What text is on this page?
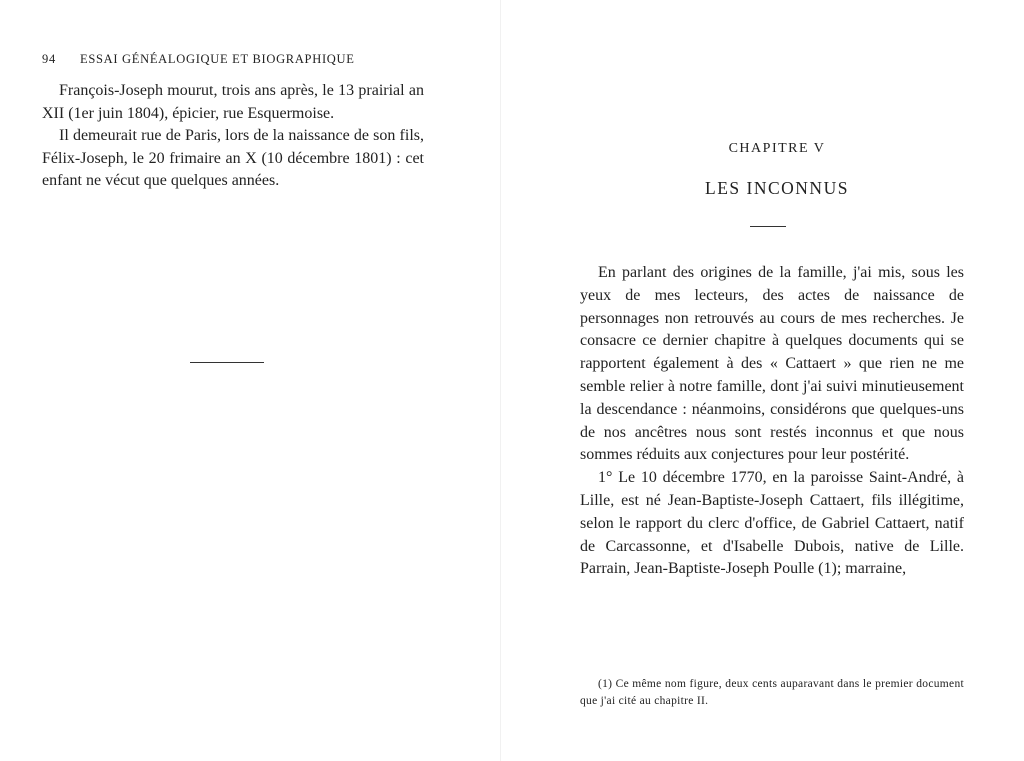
94 ESSAI GÉNÉALOGIQUE ET BIOGRAPHIQUE

François-Joseph mourut, trois ans après, le 13 prairial an XII (1er juin 1804), épicier, rue Esquermoise.

Il demeurait rue de Paris, lors de la naissance de son fils, Félix-Joseph, le 20 frimaire an X (10 décembre 1801) : cet enfant ne vécut que quelques années.

CHAPITRE V
LES INCONNUS

En parlant des origines de la famille, j'ai mis, sous les yeux de mes lecteurs, des actes de naissance de personnages non retrouvés au cours de mes recherches. Je consacre ce dernier chapitre à quelques documents qui se rapportent également à des « Cattaert » que rien ne me semble relier à notre famille, dont j'ai suivi minutieusement la descendance : néanmoins, considérons que quelques-uns de nos ancêtres nous sont restés inconnus et que nous sommes réduits aux conjectures pour leur postérité.

1° Le 10 décembre 1770, en la paroisse Saint-André, à Lille, est né Jean-Baptiste-Joseph Cattaert, fils illégitime, selon le rapport du clerc d'office, de Gabriel Cattaert, natif de Carcassonne, et d'Isabelle Dubois, native de Lille. Parrain, Jean-Baptiste-Joseph Poulle (1); marraine,

(1) Ce même nom figure, deux cents auparavant dans le premier document que j'ai cité au chapitre II.
